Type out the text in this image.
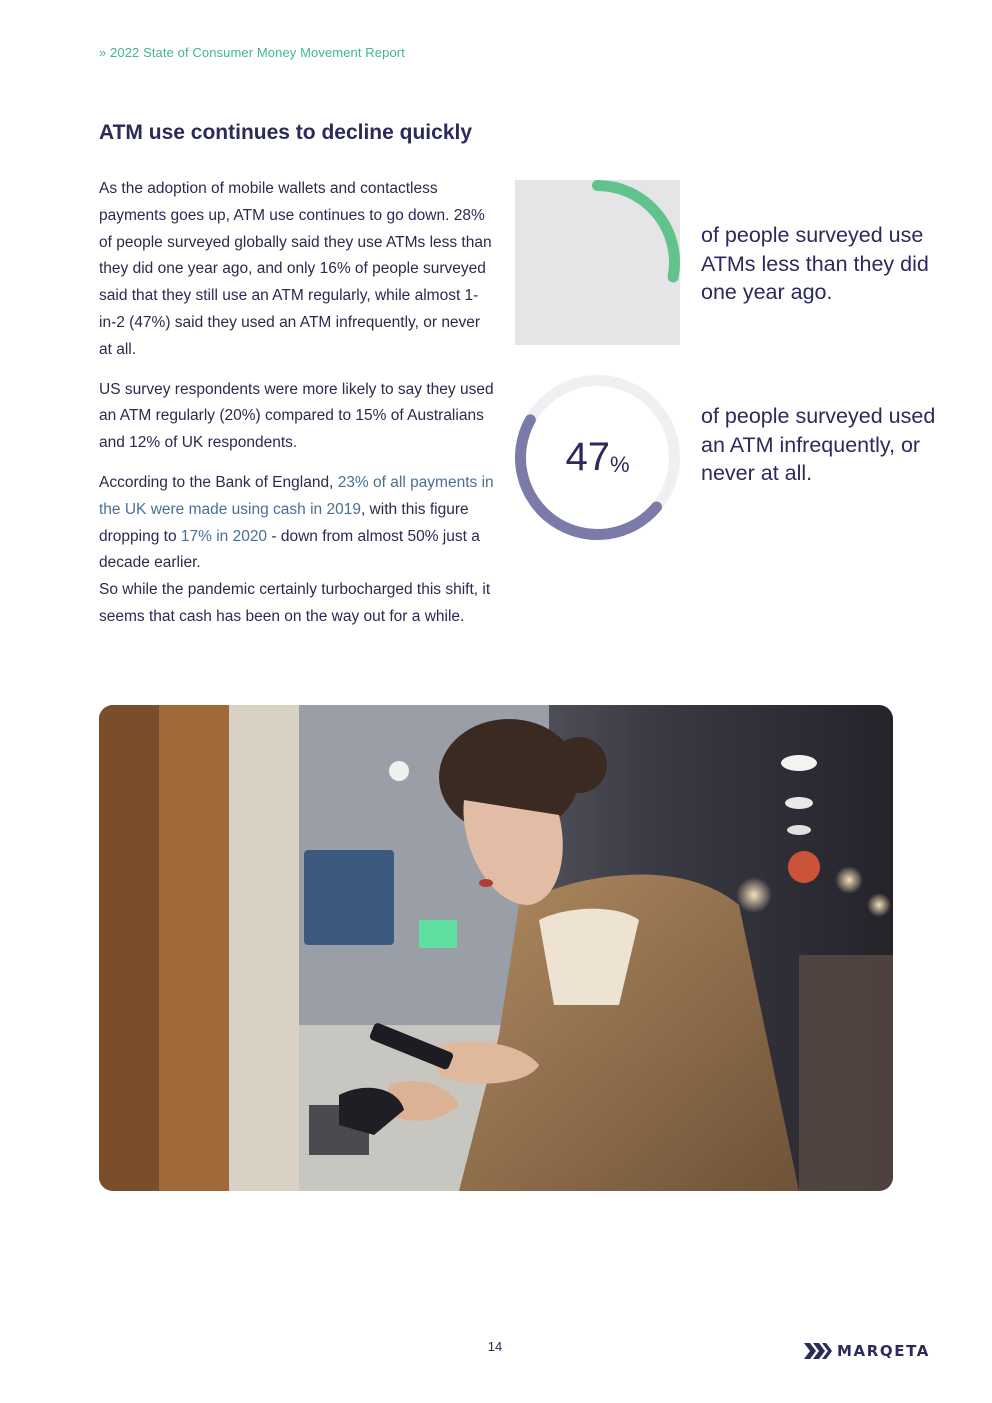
» 2022 State of Consumer Money Movement Report
ATM use continues to decline quickly

As the adoption of mobile wallets and contactless payments goes up, ATM use continues to go down. 28% of people surveyed globally said they use ATMs less than they did one year ago, and only 16% of people surveyed said that they still use an ATM regularly, while almost 1-in-2 (47%) said they used an ATM infrequently, or never at all.

US survey respondents were more likely to say they used an ATM regularly (20%) compared to 15% of Australians and 12% of UK respondents.

According to the Bank of England, 23% of all payments in the UK were made using cash in 2019, with this figure dropping to 17% in 2020 - down from almost 50% just a decade earlier.

So while the pandemic certainly turbocharged this shift, it seems that cash has been on the way out for a while.

of people surveyed use ATMs less than they did one year ago.
47 %
of people surveyed used an ATM infrequently, or never at all.
14	MARQETA
